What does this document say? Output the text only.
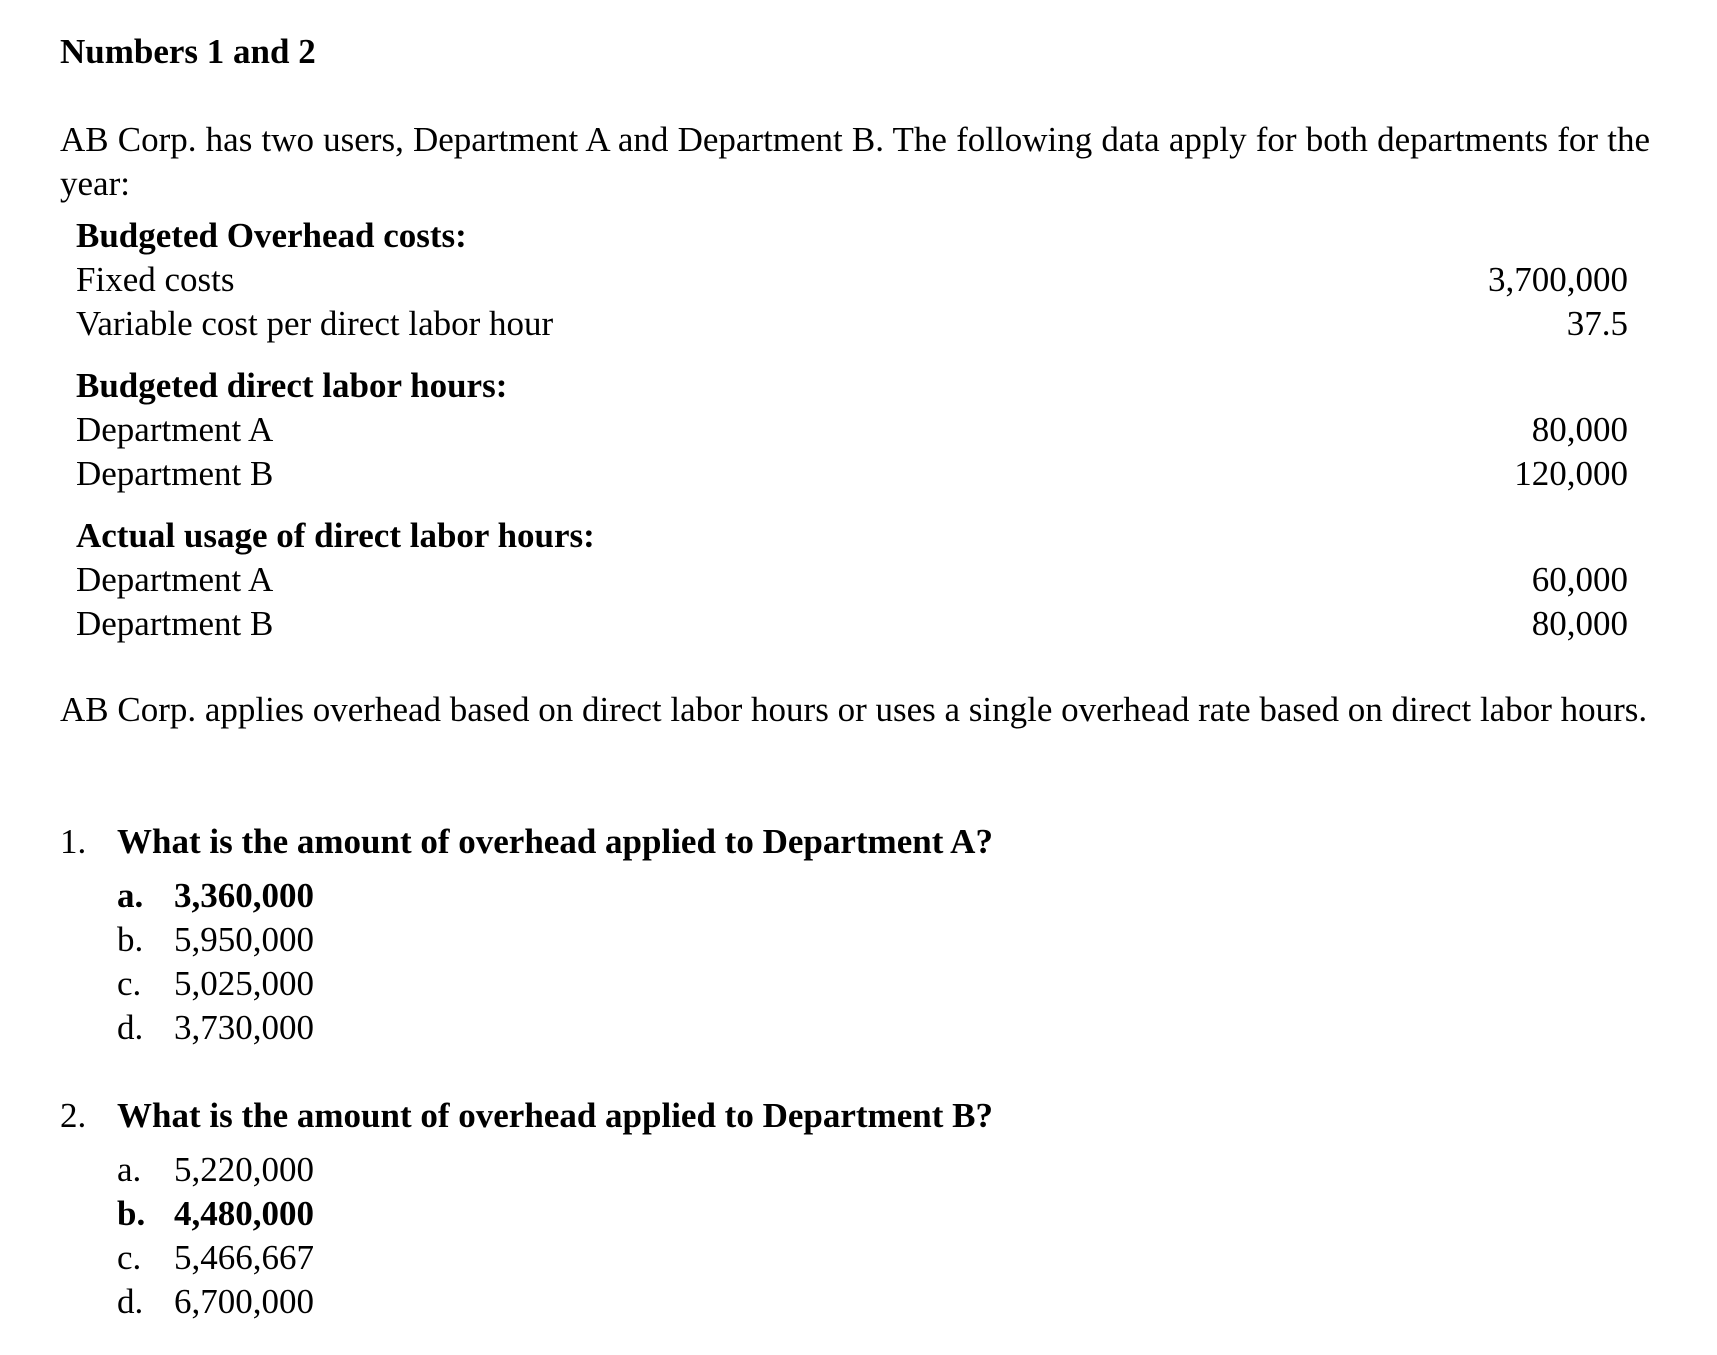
Numbers 1 and 2
AB Corp. has two users, Department A and Department B. The following data apply for both departments for the year:
Budgeted Overhead costs:
Fixed costs	3,700,000
Variable cost per direct labor hour	37.5
Budgeted direct labor hours:
Department A	80,000
Department B	120,000
Actual usage of direct labor hours:
Department A	60,000
Department B	80,000
AB Corp. applies overhead based on direct labor hours or uses a single overhead rate based on direct labor hours.
1. What is the amount of overhead applied to Department A?
a. 3,360,000
b. 5,950,000
c. 5,025,000
d. 3,730,000
2. What is the amount of overhead applied to Department B?
a. 5,220,000
b. 4,480,000
c. 5,466,667
d. 6,700,000
